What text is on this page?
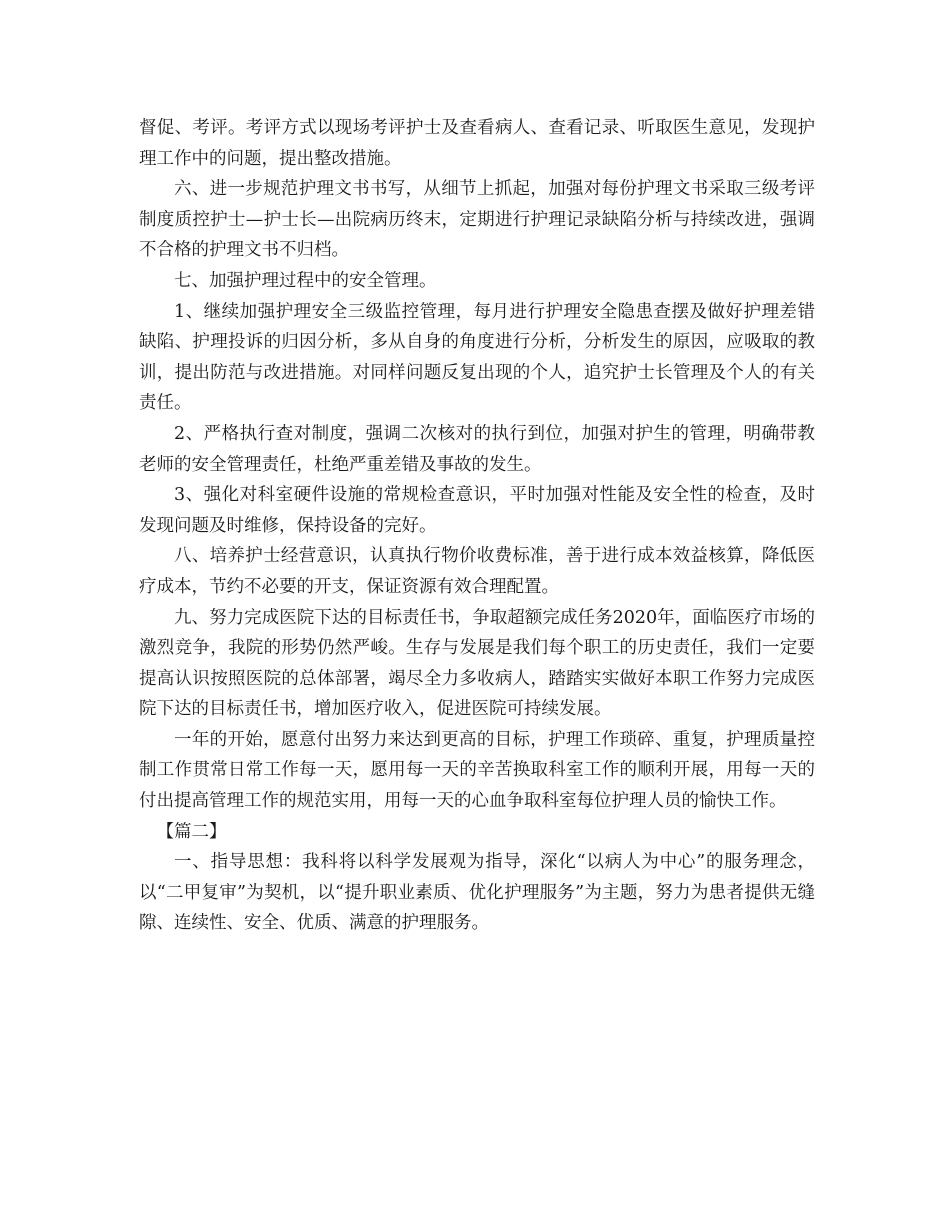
督促、考评。考评方式以现场考评护士及查看病人、查看记录、听取医生意见，发现护理工作中的问题，提出整改措施。

六、进一步规范护理文书书写，从细节上抓起，加强对每份护理文书采取三级考评制度质控护士—护士长—出院病历终末，定期进行护理记录缺陷分析与持续改进，强调不合格的护理文书不归档。

七、加强护理过程中的安全管理。

1、继续加强护理安全三级监控管理，每月进行护理安全隐患查摆及做好护理差错缺陷、护理投诉的归因分析，多从自身的角度进行分析，分析发生的原因，应吸取的教训，提出防范与改进措施。对同样问题反复出现的个人，追究护士长管理及个人的有关责任。

2、严格执行查对制度，强调二次核对的执行到位，加强对护生的管理，明确带教老师的安全管理责任，杜绝严重差错及事故的发生。

3、强化对科室硬件设施的常规检查意识，平时加强对性能及安全性的检查，及时发现问题及时维修，保持设备的完好。

八、培养护士经营意识，认真执行物价收费标准，善于进行成本效益核算，降低医疗成本，节约不必要的开支，保证资源有效合理配置。

九、努力完成医院下达的目标责任书，争取超额完成任务2020年，面临医疗市场的激烈竞争，我院的形势仍然严峻。生存与发展是我们每个职工的历史责任，我们一定要提高认识按照医院的总体部署，竭尽全力多收病人，踏踏实实做好本职工作努力完成医院下达的目标责任书，增加医疗收入，促进医院可持续发展。

一年的开始，愿意付出努力来达到更高的目标，护理工作琐碎、重复，护理质量控制工作贯常日常工作每一天，愿用每一天的辛苦换取科室工作的顺利开展，用每一天的付出提高管理工作的规范实用，用每一天的心血争取科室每位护理人员的愉快工作。

【篇二】

一、指导思想：我科将以科学发展观为指导，深化“以病人为中心”的服务理念，以“二甲复审”为契机，以“提升职业素质、优化护理服务”为主题，努力为患者提供无缝隙、连续性、安全、优质、满意的护理服务。
